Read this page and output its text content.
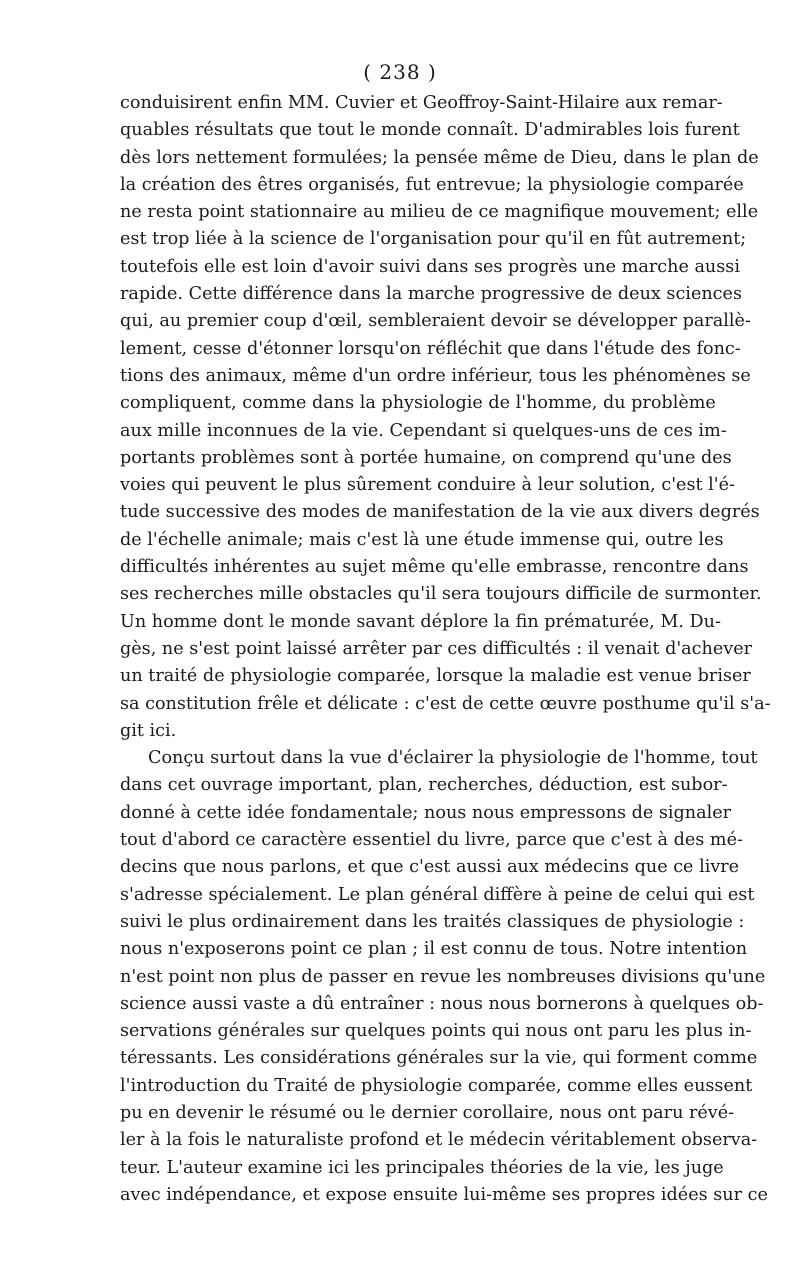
( 238 )
conduisirent enfin MM. Cuvier et Geoffroy-Saint-Hilaire aux remar-
quables résultats que tout le monde connaît. D'admirables lois furent
dès lors nettement formulées; la pensée même de Dieu, dans le plan de
la création des êtres organisés, fut entrevue; la physiologie comparée
ne resta point stationnaire au milieu de ce magnifique mouvement; elle
est trop liée à la science de l'organisation pour qu'il en fût autrement;
toutefois elle est loin d'avoir suivi dans ses progrès une marche aussi
rapide. Cette différence dans la marche progressive de deux sciences
qui, au premier coup d'œil, sembleraient devoir se développer parallè-
lement, cesse d'étonner lorsqu'on réfléchit que dans l'étude des fonc-
tions des animaux, même d'un ordre inférieur, tous les phénomènes se
compliquent, comme dans la physiologie de l'homme, du problème
aux mille inconnues de la vie. Cependant si quelques-uns de ces im-
portants problèmes sont à portée humaine, on comprend qu'une des
voies qui peuvent le plus sûrement conduire à leur solution, c'est l'é-
tude successive des modes de manifestation de la vie aux divers degrés
de l'échelle animale; mais c'est là une étude immense qui, outre les
difficultés inhérentes au sujet même qu'elle embrasse, rencontre dans
ses recherches mille obstacles qu'il sera toujours difficile de surmonter.
Un homme dont le monde savant déplore la fin prématurée, M. Du-
gès, ne s'est point laissé arrêter par ces difficultés : il venait d'achever
un traité de physiologie comparée, lorsque la maladie est venue briser
sa constitution frêle et délicate : c'est de cette œuvre posthume qu'il s'a-
git ici.
Conçu surtout dans la vue d'éclairer la physiologie de l'homme, tout
dans cet ouvrage important, plan, recherches, déduction, est subor-
donné à cette idée fondamentale; nous nous empressons de signaler
tout d'abord ce caractère essentiel du livre, parce que c'est à des mé-
decins que nous parlons, et que c'est aussi aux médecins que ce livre
s'adresse spécialement. Le plan général diffère à peine de celui qui est
suivi le plus ordinairement dans les traités classiques de physiologie :
nous n'exposerons point ce plan ; il est connu de tous. Notre intention
n'est point non plus de passer en revue les nombreuses divisions qu'une
science aussi vaste a dû entraîner : nous nous bornerons à quelques ob-
servations générales sur quelques points qui nous ont paru les plus in-
téressants. Les considérations générales sur la vie, qui forment comme
l'introduction du Traité de physiologie comparée, comme elles eussent
pu en devenir le résumé ou le dernier corollaire, nous ont paru révé-
ler à la fois le naturaliste profond et le médecin véritablement observa-
teur. L'auteur examine ici les principales théories de la vie, les juge
avec indépendance, et expose ensuite lui-même ses propres idées sur ce
